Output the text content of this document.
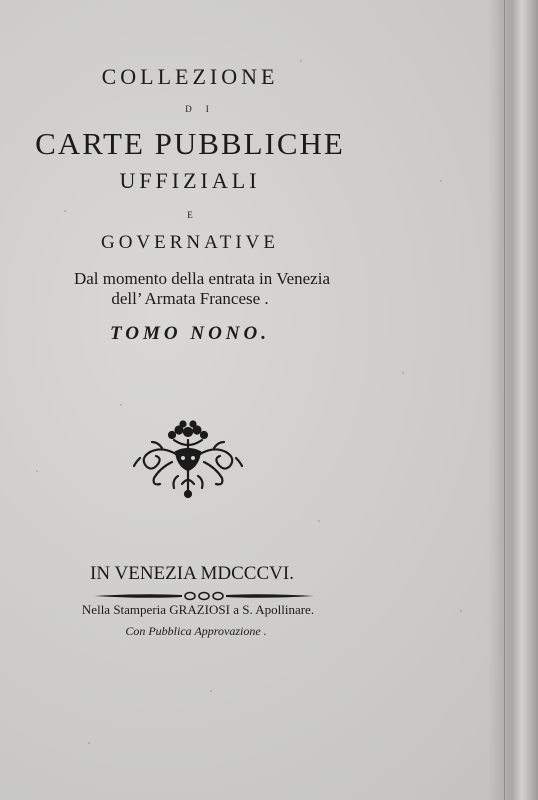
COLLEZIONE
DI
CARTE PUBBLICHE
UFFIZIALI
E
GOVERNATIVE
Dal momento della entrata in Venezia
dell’ Armata Francese .
TOMO NONO.
IN VENEZIA MDCCCVI.
Nella Stamperia GRAZIOSI a S. Apollinare.
Con Pubblica Approvazione .
